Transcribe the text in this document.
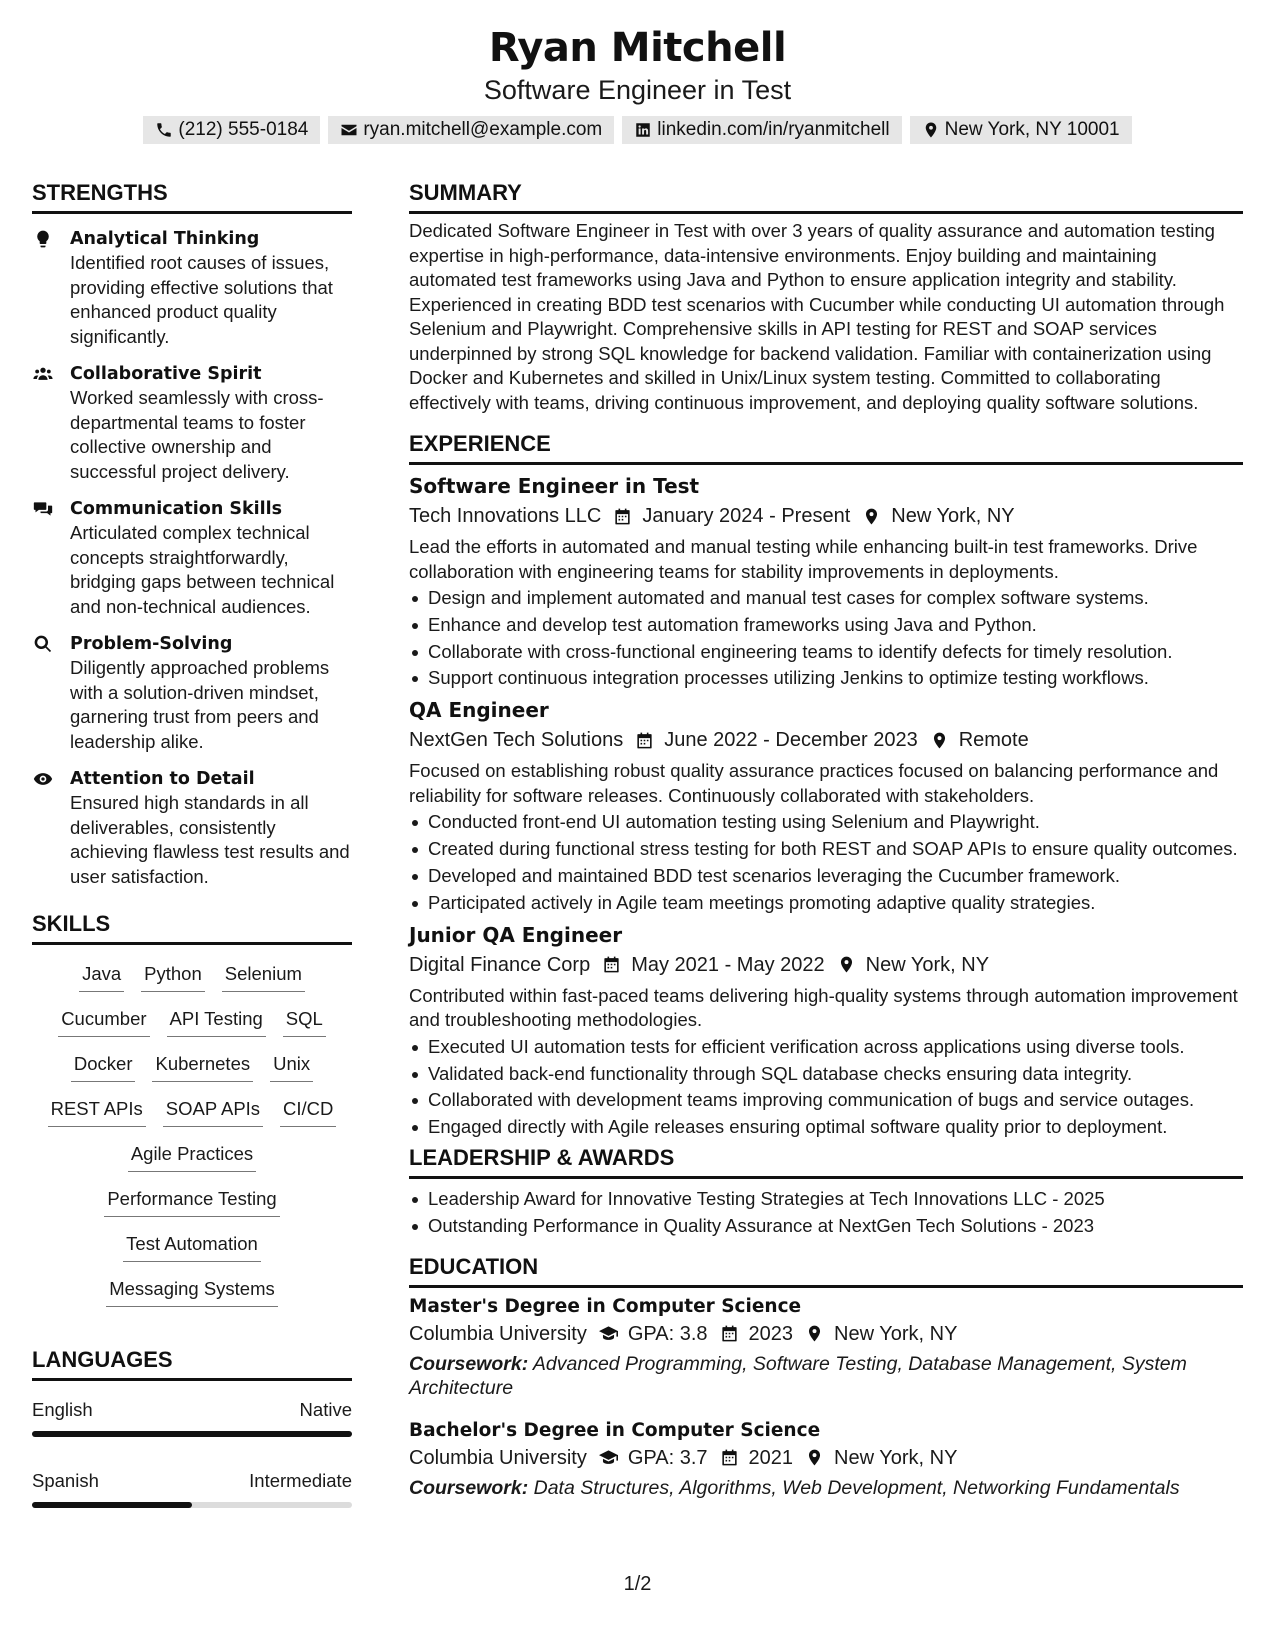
Ryan Mitchell
Software Engineer in Test
(212) 555-0184	ryan.mitchell@example.com	linkedin.com/in/ryanmitchell	New York, NY 10001
STRENGTHS
Analytical Thinking
Identified root causes of issues, providing effective solutions that enhanced product quality significantly.
Collaborative Spirit
Worked seamlessly with cross-departmental teams to foster collective ownership and successful project delivery.
Communication Skills
Articulated complex technical concepts straightforwardly, bridging gaps between technical and non-technical audiences.
Problem-Solving
Diligently approached problems with a solution-driven mindset, garnering trust from peers and leadership alike.
Attention to Detail
Ensured high standards in all deliverables, consistently achieving flawless test results and user satisfaction.
SKILLS
Java Python Selenium
Cucumber API Testing SQL
Docker Kubernetes Unix
REST APIs SOAP APIs CI/CD
Agile Practices
Performance Testing
Test Automation
Messaging Systems
LANGUAGES
English	Native
Spanish	Intermediate
SUMMARY
Dedicated Software Engineer in Test with over 3 years of quality assurance and automation testing expertise in high-performance, data-intensive environments. Enjoy building and maintaining automated test frameworks using Java and Python to ensure application integrity and stability. Experienced in creating BDD test scenarios with Cucumber while conducting UI automation through Selenium and Playwright. Comprehensive skills in API testing for REST and SOAP services underpinned by strong SQL knowledge for backend validation. Familiar with containerization using Docker and Kubernetes and skilled in Unix/Linux system testing. Committed to collaborating effectively with teams, driving continuous improvement, and deploying quality software solutions.
EXPERIENCE
Software Engineer in Test
Tech Innovations LLC January 2024 - Present New York, NY
Lead the efforts in automated and manual testing while enhancing built-in test frameworks. Drive collaboration with engineering teams for stability improvements in deployments.
Design and implement automated and manual test cases for complex software systems.
Enhance and develop test automation frameworks using Java and Python.
Collaborate with cross-functional engineering teams to identify defects for timely resolution.
Support continuous integration processes utilizing Jenkins to optimize testing workflows.
QA Engineer
NextGen Tech Solutions June 2022 - December 2023 Remote
Focused on establishing robust quality assurance practices focused on balancing performance and reliability for software releases. Continuously collaborated with stakeholders.
Conducted front-end UI automation testing using Selenium and Playwright.
Created during functional stress testing for both REST and SOAP APIs to ensure quality outcomes.
Developed and maintained BDD test scenarios leveraging the Cucumber framework.
Participated actively in Agile team meetings promoting adaptive quality strategies.
Junior QA Engineer
Digital Finance Corp May 2021 - May 2022 New York, NY
Contributed within fast-paced teams delivering high-quality systems through automation improvement and troubleshooting methodologies.
Executed UI automation tests for efficient verification across applications using diverse tools.
Validated back-end functionality through SQL database checks ensuring data integrity.
Collaborated with development teams improving communication of bugs and service outages.
Engaged directly with Agile releases ensuring optimal software quality prior to deployment.
LEADERSHIP & AWARDS
Leadership Award for Innovative Testing Strategies at Tech Innovations LLC - 2025
Outstanding Performance in Quality Assurance at NextGen Tech Solutions - 2023
EDUCATION
Master's Degree in Computer Science
Columbia University GPA: 3.8 2023 New York, NY
Coursework: Advanced Programming, Software Testing, Database Management, System Architecture
Bachelor's Degree in Computer Science
Columbia University GPA: 3.7 2021 New York, NY
Coursework: Data Structures, Algorithms, Web Development, Networking Fundamentals
1/2
